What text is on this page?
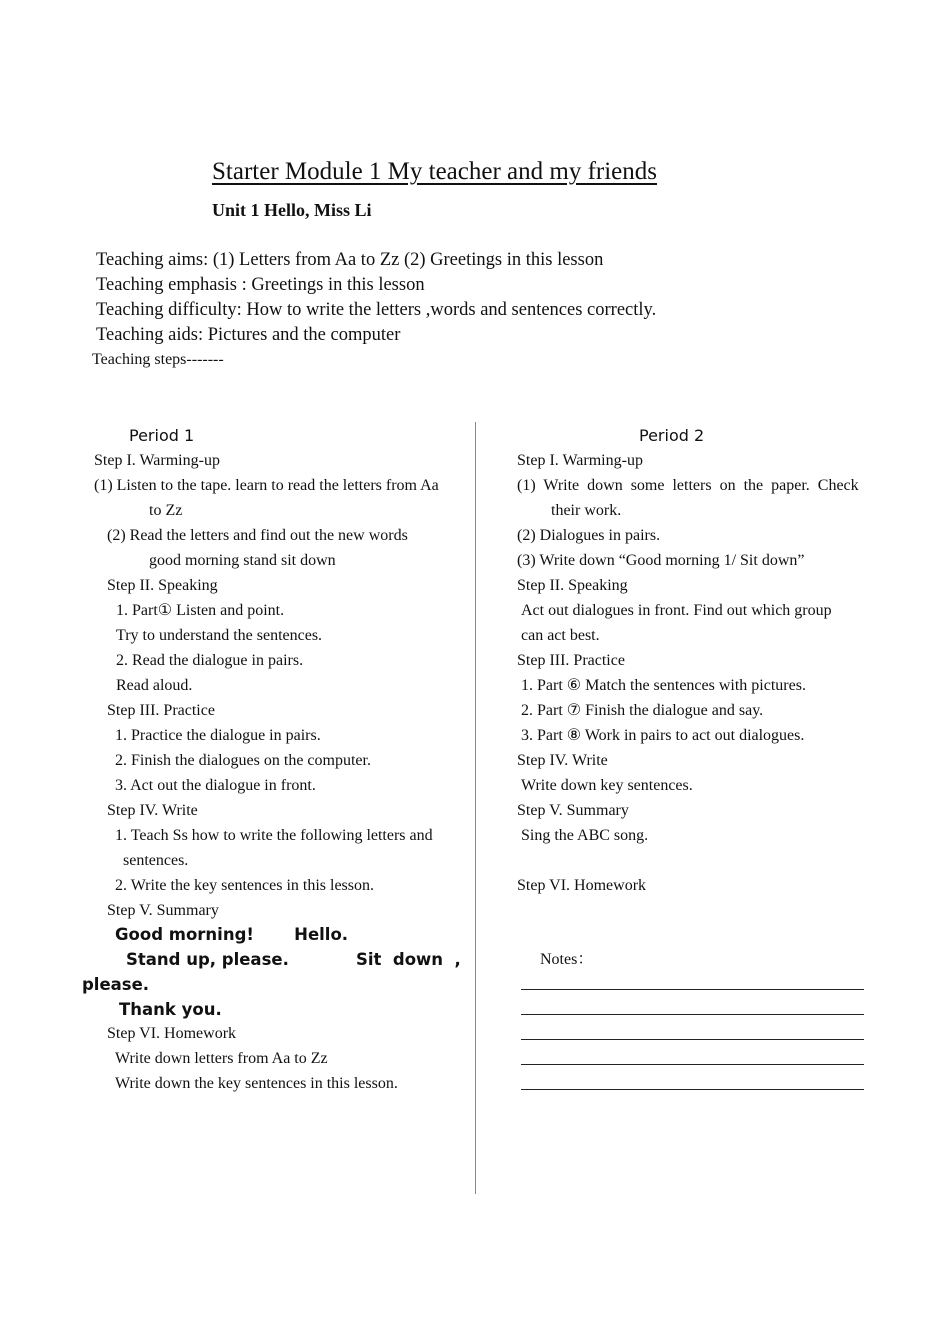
Starter Module 1 My teacher and my friends
Unit 1 Hello, Miss Li
Teaching aims: (1) Letters from Aa to Zz (2) Greetings in this lesson
Teaching emphasis : Greetings in this lesson
Teaching difficulty: How to write the letters ,words and sentences correctly.
Teaching aids: Pictures and the computer
Teaching steps-------
Period 1
Step I. Warming-up
(1) Listen to the tape. learn to read the letters from Aa
to Zz
(2) Read the letters and find out the new words
good morning stand sit down
Step II. Speaking
1. Part① Listen and point.
Try to understand the sentences.
2. Read the dialogue in pairs.
Read aloud.
Step III. Practice
1. Practice the dialogue in pairs.
2. Finish the dialogues on the computer.
3. Act out the dialogue in front.
Step IV. Write
1. Teach Ss how to write the following letters and
sentences.
2. Write the key sentences in this lesson.
Step V. Summary
Good morning!       Hello.
Stand up, please.	Sit  down  ,
please.
Thank you.
Step VI. Homework
Write down letters from Aa to Zz
Write down the key sentences in this lesson.
Period 2
Step I. Warming-up
(1)  Write  down  some  letters  on  the  paper.  Check
their work.
(2) Dialogues in pairs.
(3) Write down “Good morning 1/ Sit down”
Step II. Speaking
Act out dialogues in front. Find out which group
can act best.
Step III. Practice
1. Part ⑥ Match the sentences with pictures.
2. Part ⑦ Finish the dialogue and say.
3. Part ⑧ Work in pairs to act out dialogues.
Step IV. Write
Write down key sentences.
Step V. Summary
Sing the ABC song.
Step VI. Homework
Notes：
